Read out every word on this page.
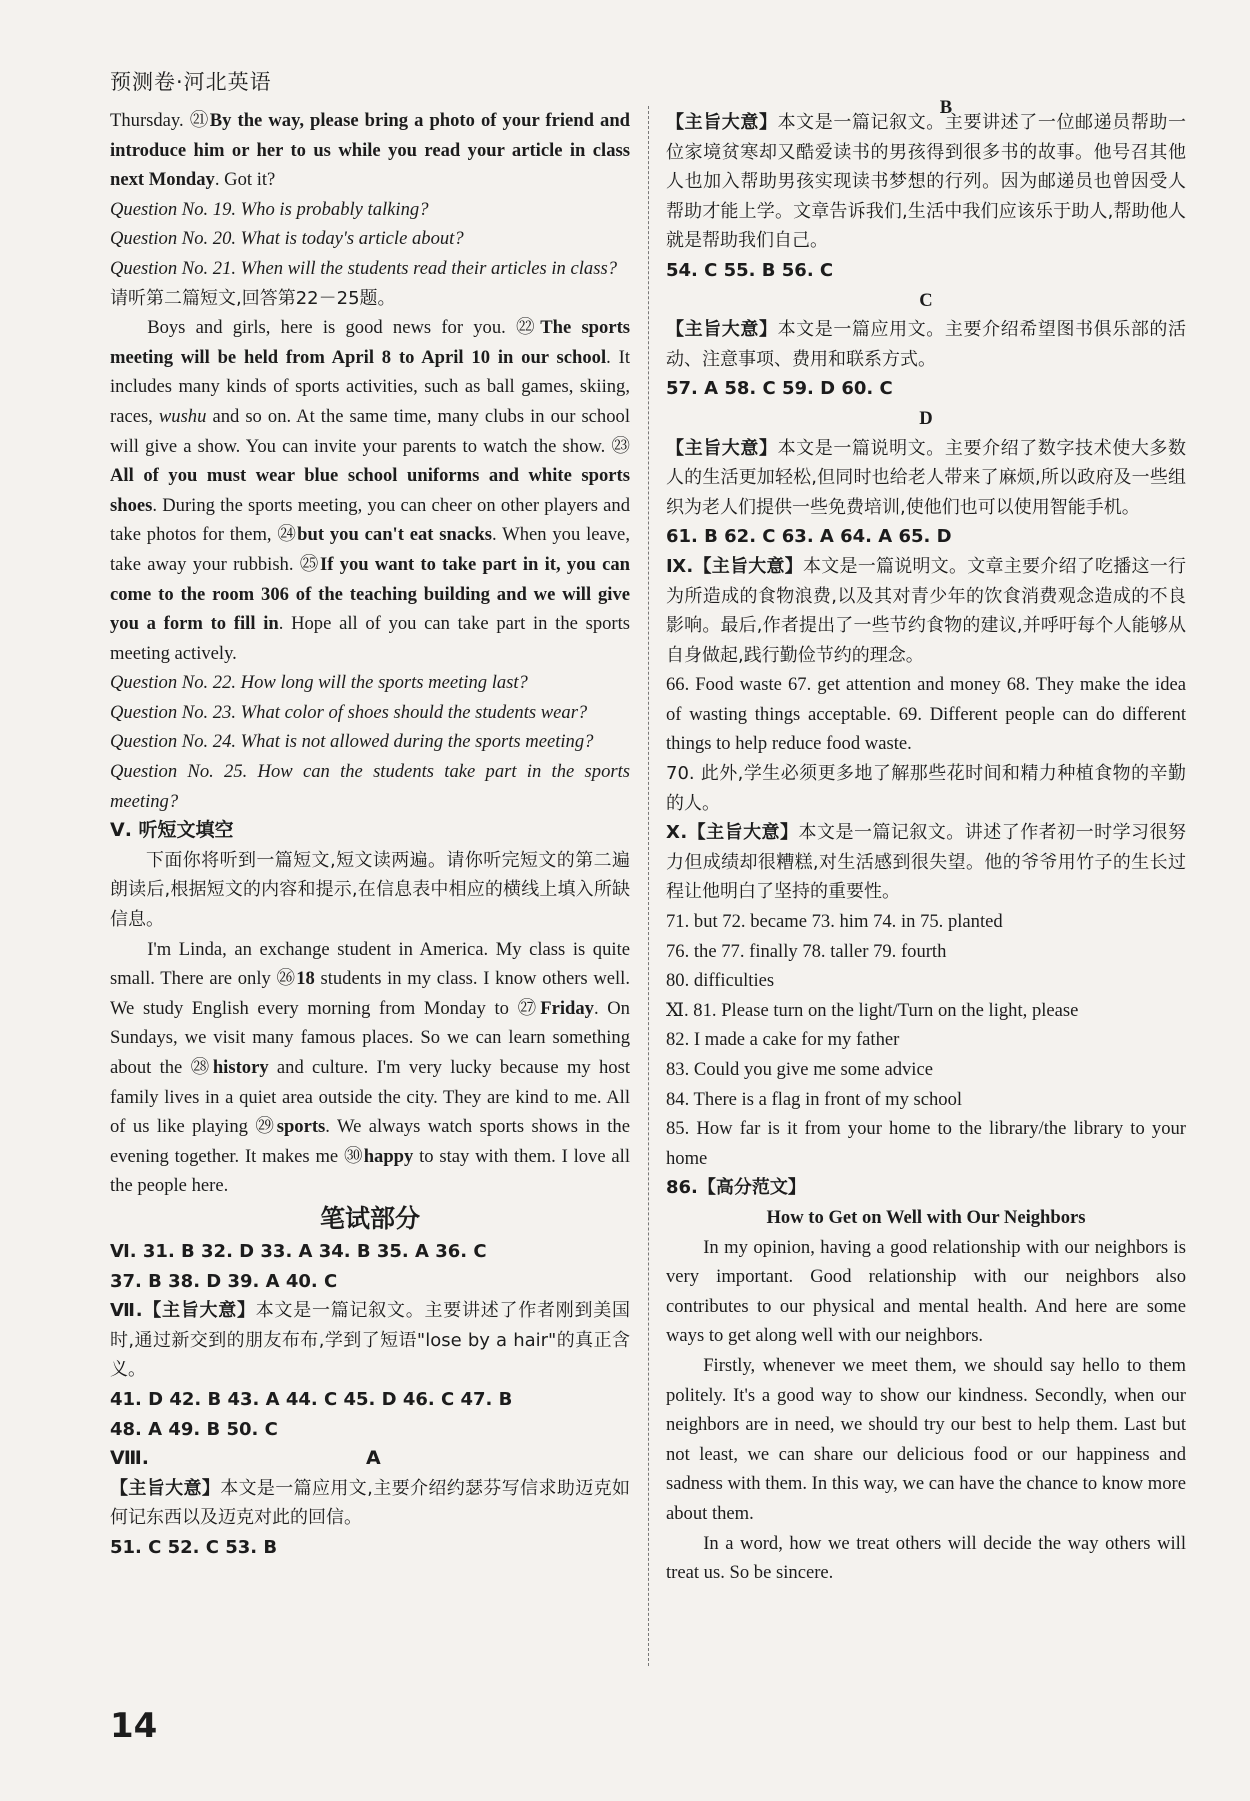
预测卷·河北英语

Thursday. ㉑By the way, please bring a photo of your friend and introduce him or her to us while you read your article in class next Monday. Got it?

Question No. 19. Who is probably talking?

Question No. 20. What is today's article about?

Question No. 21. When will the students read their articles in class?

请听第二篇短文,回答第22－25题。

Boys and girls, here is good news for you. ㉒The sports meeting will be held from April 8 to April 10 in our school. It includes many kinds of sports activities, such as ball games, skiing, races, wushu and so on. At the same time, many clubs in our school will give a show. You can invite your parents to watch the show. ㉓All of you must wear blue school uniforms and white sports shoes. During the sports meeting, you can cheer on other players and take photos for them, ㉔but you can't eat snacks. When you leave, take away your rubbish. ㉕If you want to take part in it, you can come to the room 306 of the teaching building and we will give you a form to fill in. Hope all of you can take part in the sports meeting actively.

Question No. 22. How long will the sports meeting last?

Question No. 23. What color of shoes should the students wear?

Question No. 24. What is not allowed during the sports meeting?

Question No. 25. How can the students take part in the sports meeting?

Ⅴ. 听短文填空

下面你将听到一篇短文,短文读两遍。请你听完短文的第二遍朗读后,根据短文的内容和提示,在信息表中相应的横线上填入所缺信息。

I'm Linda, an exchange student in America. My class is quite small. There are only ㉖18 students in my class. I know others well. We study English every morning from Monday to ㉗Friday. On Sundays, we visit many famous places. So we can learn something about the ㉘history and culture. I'm very lucky because my host family lives in a quiet area outside the city. They are kind to me. All of us like playing ㉙sports. We always watch sports shows in the evening together. It makes me ㉚happy to stay with them. I love all the people here.

笔试部分

Ⅵ. 31. B 32. D 33. A 34. B 35. A 36. C

37. B 38. D 39. A 40. C

Ⅶ.【主旨大意】本文是一篇记叙文。主要讲述了作者刚到美国时,通过新交到的朋友布布,学到了短语"lose by a hair"的真正含义。

41. D 42. B 43. A 44. C 45. D 46. C 47. B

48. A 49. B 50. C

Ⅷ.	A

【主旨大意】本文是一篇应用文,主要介绍约瑟芬写信求助迈克如何记东西以及迈克对此的回信。

51. C 52. C 53. B

B

【主旨大意】本文是一篇记叙文。主要讲述了一位邮递员帮助一位家境贫寒却又酷爱读书的男孩得到很多书的故事。他号召其他人也加入帮助男孩实现读书梦想的行列。因为邮递员也曾因受人帮助才能上学。文章告诉我们,生活中我们应该乐于助人,帮助他人就是帮助我们自己。

54. C 55. B 56. C

C

【主旨大意】本文是一篇应用文。主要介绍希望图书俱乐部的活动、注意事项、费用和联系方式。

57. A 58. C 59. D 60. C

D

【主旨大意】本文是一篇说明文。主要介绍了数字技术使大多数人的生活更加轻松,但同时也给老人带来了麻烦,所以政府及一些组织为老人们提供一些免费培训,使他们也可以使用智能手机。

61. B 62. C 63. A 64. A 65. D

Ⅸ.【主旨大意】本文是一篇说明文。文章主要介绍了吃播这一行为所造成的食物浪费,以及其对青少年的饮食消费观念造成的不良影响。最后,作者提出了一些节约食物的建议,并呼吁每个人能够从自身做起,践行勤俭节约的理念。

66. Food waste 67. get attention and money 68. They make the idea of wasting things acceptable. 69. Different people can do different things to help reduce food waste.

70. 此外,学生必须更多地了解那些花时间和精力种植食物的辛勤的人。

Ⅹ.【主旨大意】本文是一篇记叙文。讲述了作者初一时学习很努力但成绩却很糟糕,对生活感到很失望。他的爷爷用竹子的生长过程让他明白了坚持的重要性。

71. but 72. became 73. him 74. in 75. planted

76. the 77. finally 78. taller 79. fourth

80. difficulties

Ⅺ. 81. Please turn on the light/Turn on the light, please

82. I made a cake for my father

83. Could you give me some advice

84. There is a flag in front of my school

85. How far is it from your home to the library/the library to your home

86.【高分范文】

How to Get on Well with Our Neighbors

In my opinion, having a good relationship with our neighbors is very important. Good relationship with our neighbors also contributes to our physical and mental health. And here are some ways to get along well with our neighbors.

Firstly, whenever we meet them, we should say hello to them politely. It's a good way to show our kindness. Secondly, when our neighbors are in need, we should try our best to help them. Last but not least, we can share our delicious food or our happiness and sadness with them. In this way, we can have the chance to know more about them.

In a word, how we treat others will decide the way others will treat us. So be sincere.

14
